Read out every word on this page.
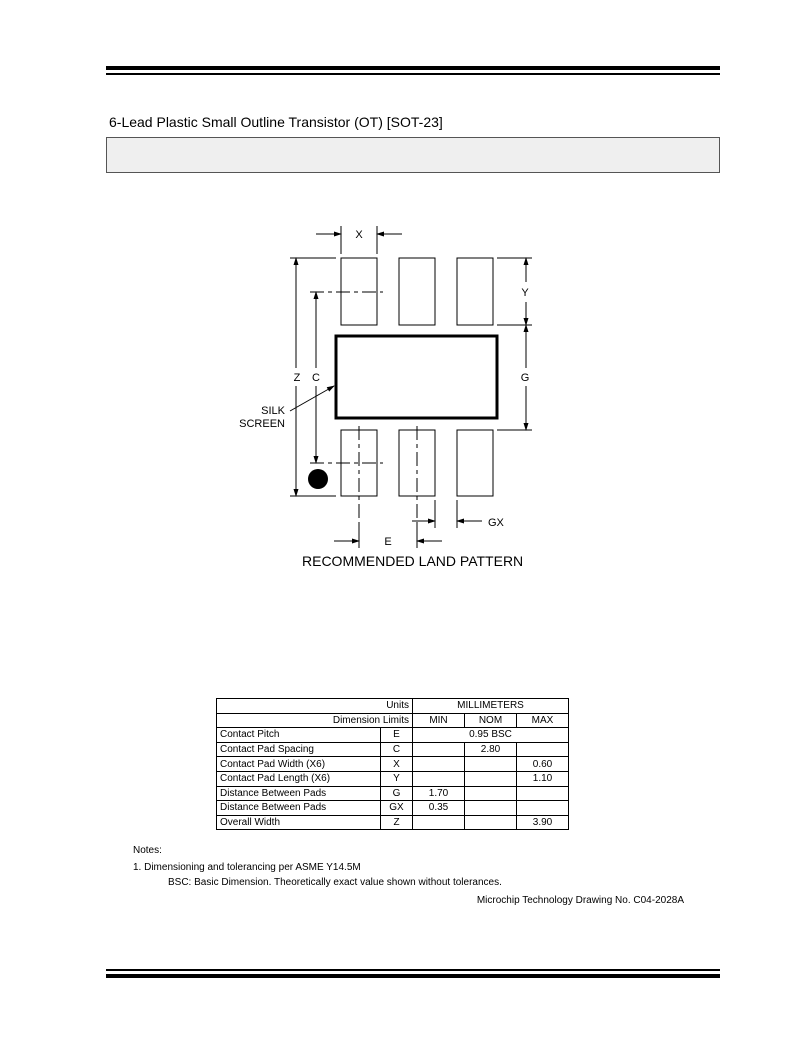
6-Lead Plastic Small Outline Transistor (OT) [SOT-23]
X
Y
Z C	G
SILK
SCREEN
E
GX
RECOMMENDED LAND PATTERN
Units		MILLIMETERS		
Dimension Limits		MIN	NOM	MAX
Contact Pitch	E	0.95 BSC		
Contact Pad Spacing	C		2.80	
Contact Pad Width (X6)	X			0.60
Contact Pad Length (X6)	Y			1.10
Distance Between Pads	G	1.70		
Distance Between Pads	GX	0.35		
Overall Width	Z			3.90
Notes:
1. Dimensioning and tolerancing per ASME Y14.5M
BSC: Basic Dimension. Theoretically exact value shown without tolerances.
Microchip Technology Drawing No. C04-2028A
